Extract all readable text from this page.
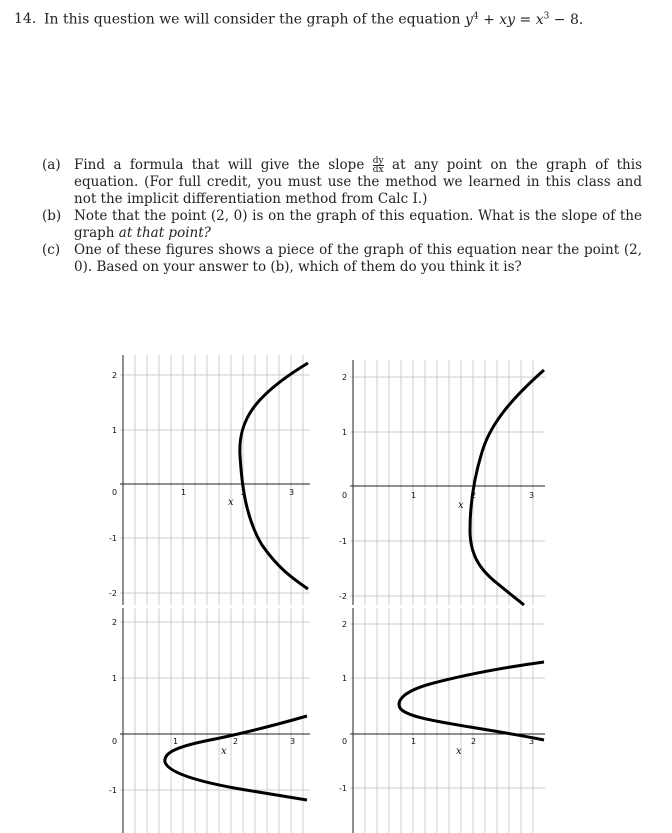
14. In this question we will consider the graph of the equation $y^4$ + xy = $x^3 - 8$.
(a) Find a formula that will give the slope $\frac{dy}{dx}$ at any point on the graph of this equation. (For full credit, you must use the method we learned in this class and not the implicit differentiation method from Calc I.)
(b) Note that the point (2, 0) is on the graph of this equation. What is the slope of the graph at that point?
(c) One of these figures shows a piece of the graph of this equation near the point (2, 0). Based on your answer to (b), which of them do you think it is?
2
1
0
-1
-2
1	2	3
x
2
1
0
-1
-2
1	2	3
x
2
1
0
-1
1	2	3
x
2
1
0
-1
1	2	3
x
